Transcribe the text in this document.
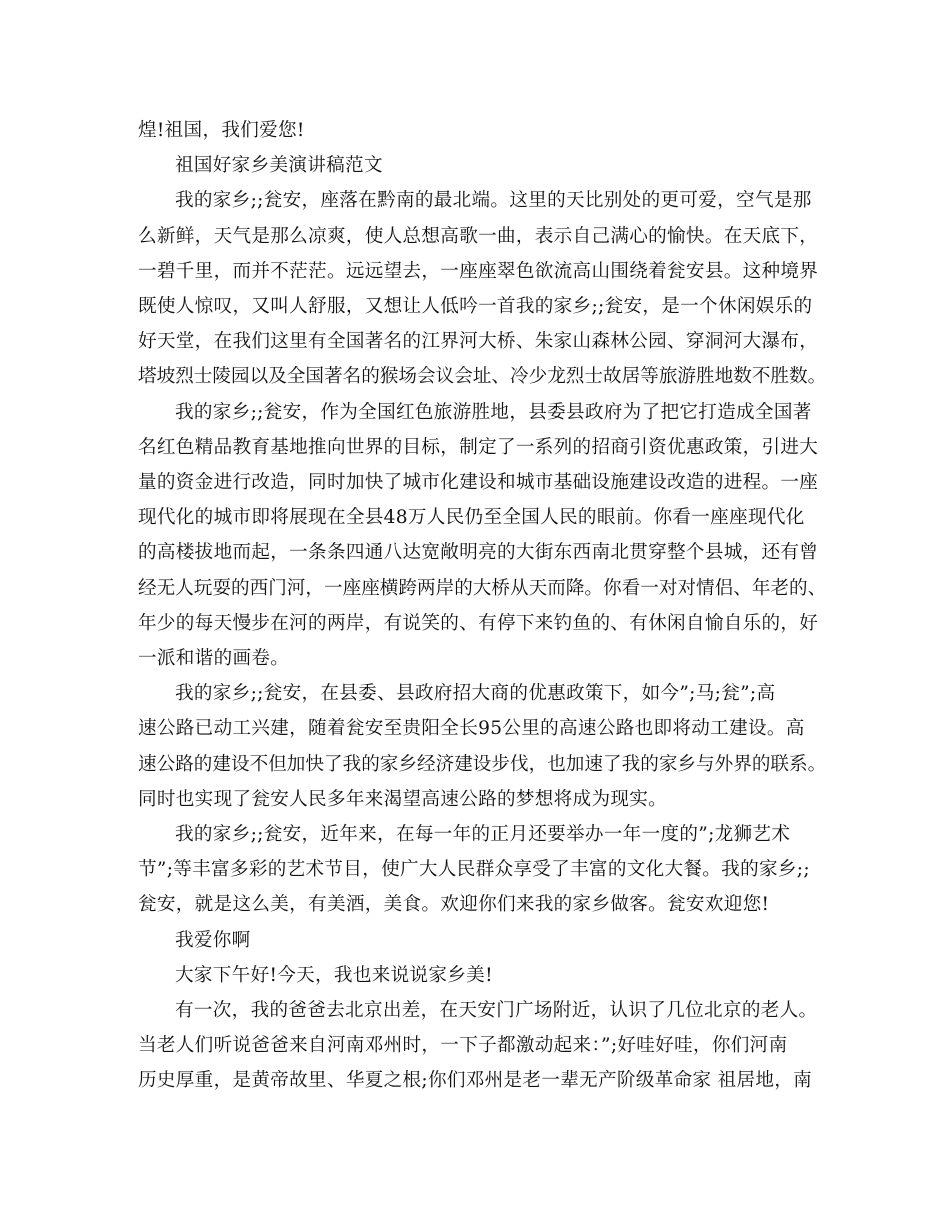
煌!祖国，我们爱您!
祖国好家乡美演讲稿范文
我的家乡;;瓮安，座落在黔南的最北端。这里的天比别处的更可爱，空气是那
么新鲜，天气是那么凉爽，使人总想高歌一曲，表示自己满心的愉快。在天底下，
一碧千里，而并不茫茫。远远望去，一座座翠色欲流高山围绕着瓮安县。这种境界
既使人惊叹，又叫人舒服，又想让人低吟一首我的家乡;;瓮安，是一个休闲娱乐的
好天堂，在我们这里有全国著名的江界河大桥、朱家山森林公园、穿洞河大瀑布，
塔坡烈士陵园以及全国著名的猴场会议会址、冷少龙烈士故居等旅游胜地数不胜数。
我的家乡;;瓮安，作为全国红色旅游胜地，县委县政府为了把它打造成全国著
名红色精品教育基地推向世界的目标，制定了一系列的招商引资优惠政策，引进大
量的资金进行改造，同时加快了城市化建设和城市基础设施建设改造的进程。一座
现代化的城市即将展现在全县48万人民仍至全国人民的眼前。你看一座座现代化
的高楼拔地而起，一条条四通八达宽敞明亮的大街东西南北贯穿整个县城，还有曾
经无人玩耍的西门河，一座座横跨两岸的大桥从天而降。你看一对对情侣、年老的、
年少的每天慢步在河的两岸，有说笑的、有停下来钓鱼的、有休闲自愉自乐的，好
一派和谐的画卷。
我的家乡;;瓮安，在县委、县政府招大商的优惠政策下，如今”;马;瓮”;高
速公路已动工兴建，随着瓮安至贵阳全长95公里的高速公路也即将动工建设。高
速公路的建设不但加快了我的家乡经济建设步伐，也加速了我的家乡与外界的联系。
同时也实现了瓮安人民多年来渴望高速公路的梦想将成为现实。
我的家乡;;瓮安，近年来，在每一年的正月还要举办一年一度的”;龙狮艺术
节”;等丰富多彩的艺术节目，使广大人民群众享受了丰富的文化大餐。我的家乡;;
瓮安，就是这么美，有美酒，美食。欢迎你们来我的家乡做客。瓮安欢迎您!
我爱你啊
大家下午好!今天，我也来说说家乡美!
有一次，我的爸爸去北京出差，在天安门广场附近，认识了几位北京的老人。
当老人们听说爸爸来自河南邓州时，一下子都激动起来：”;好哇好哇，你们河南
历史厚重，是黄帝故里、华夏之根;你们邓州是老一辈无产阶级革命家 祖居地，南
